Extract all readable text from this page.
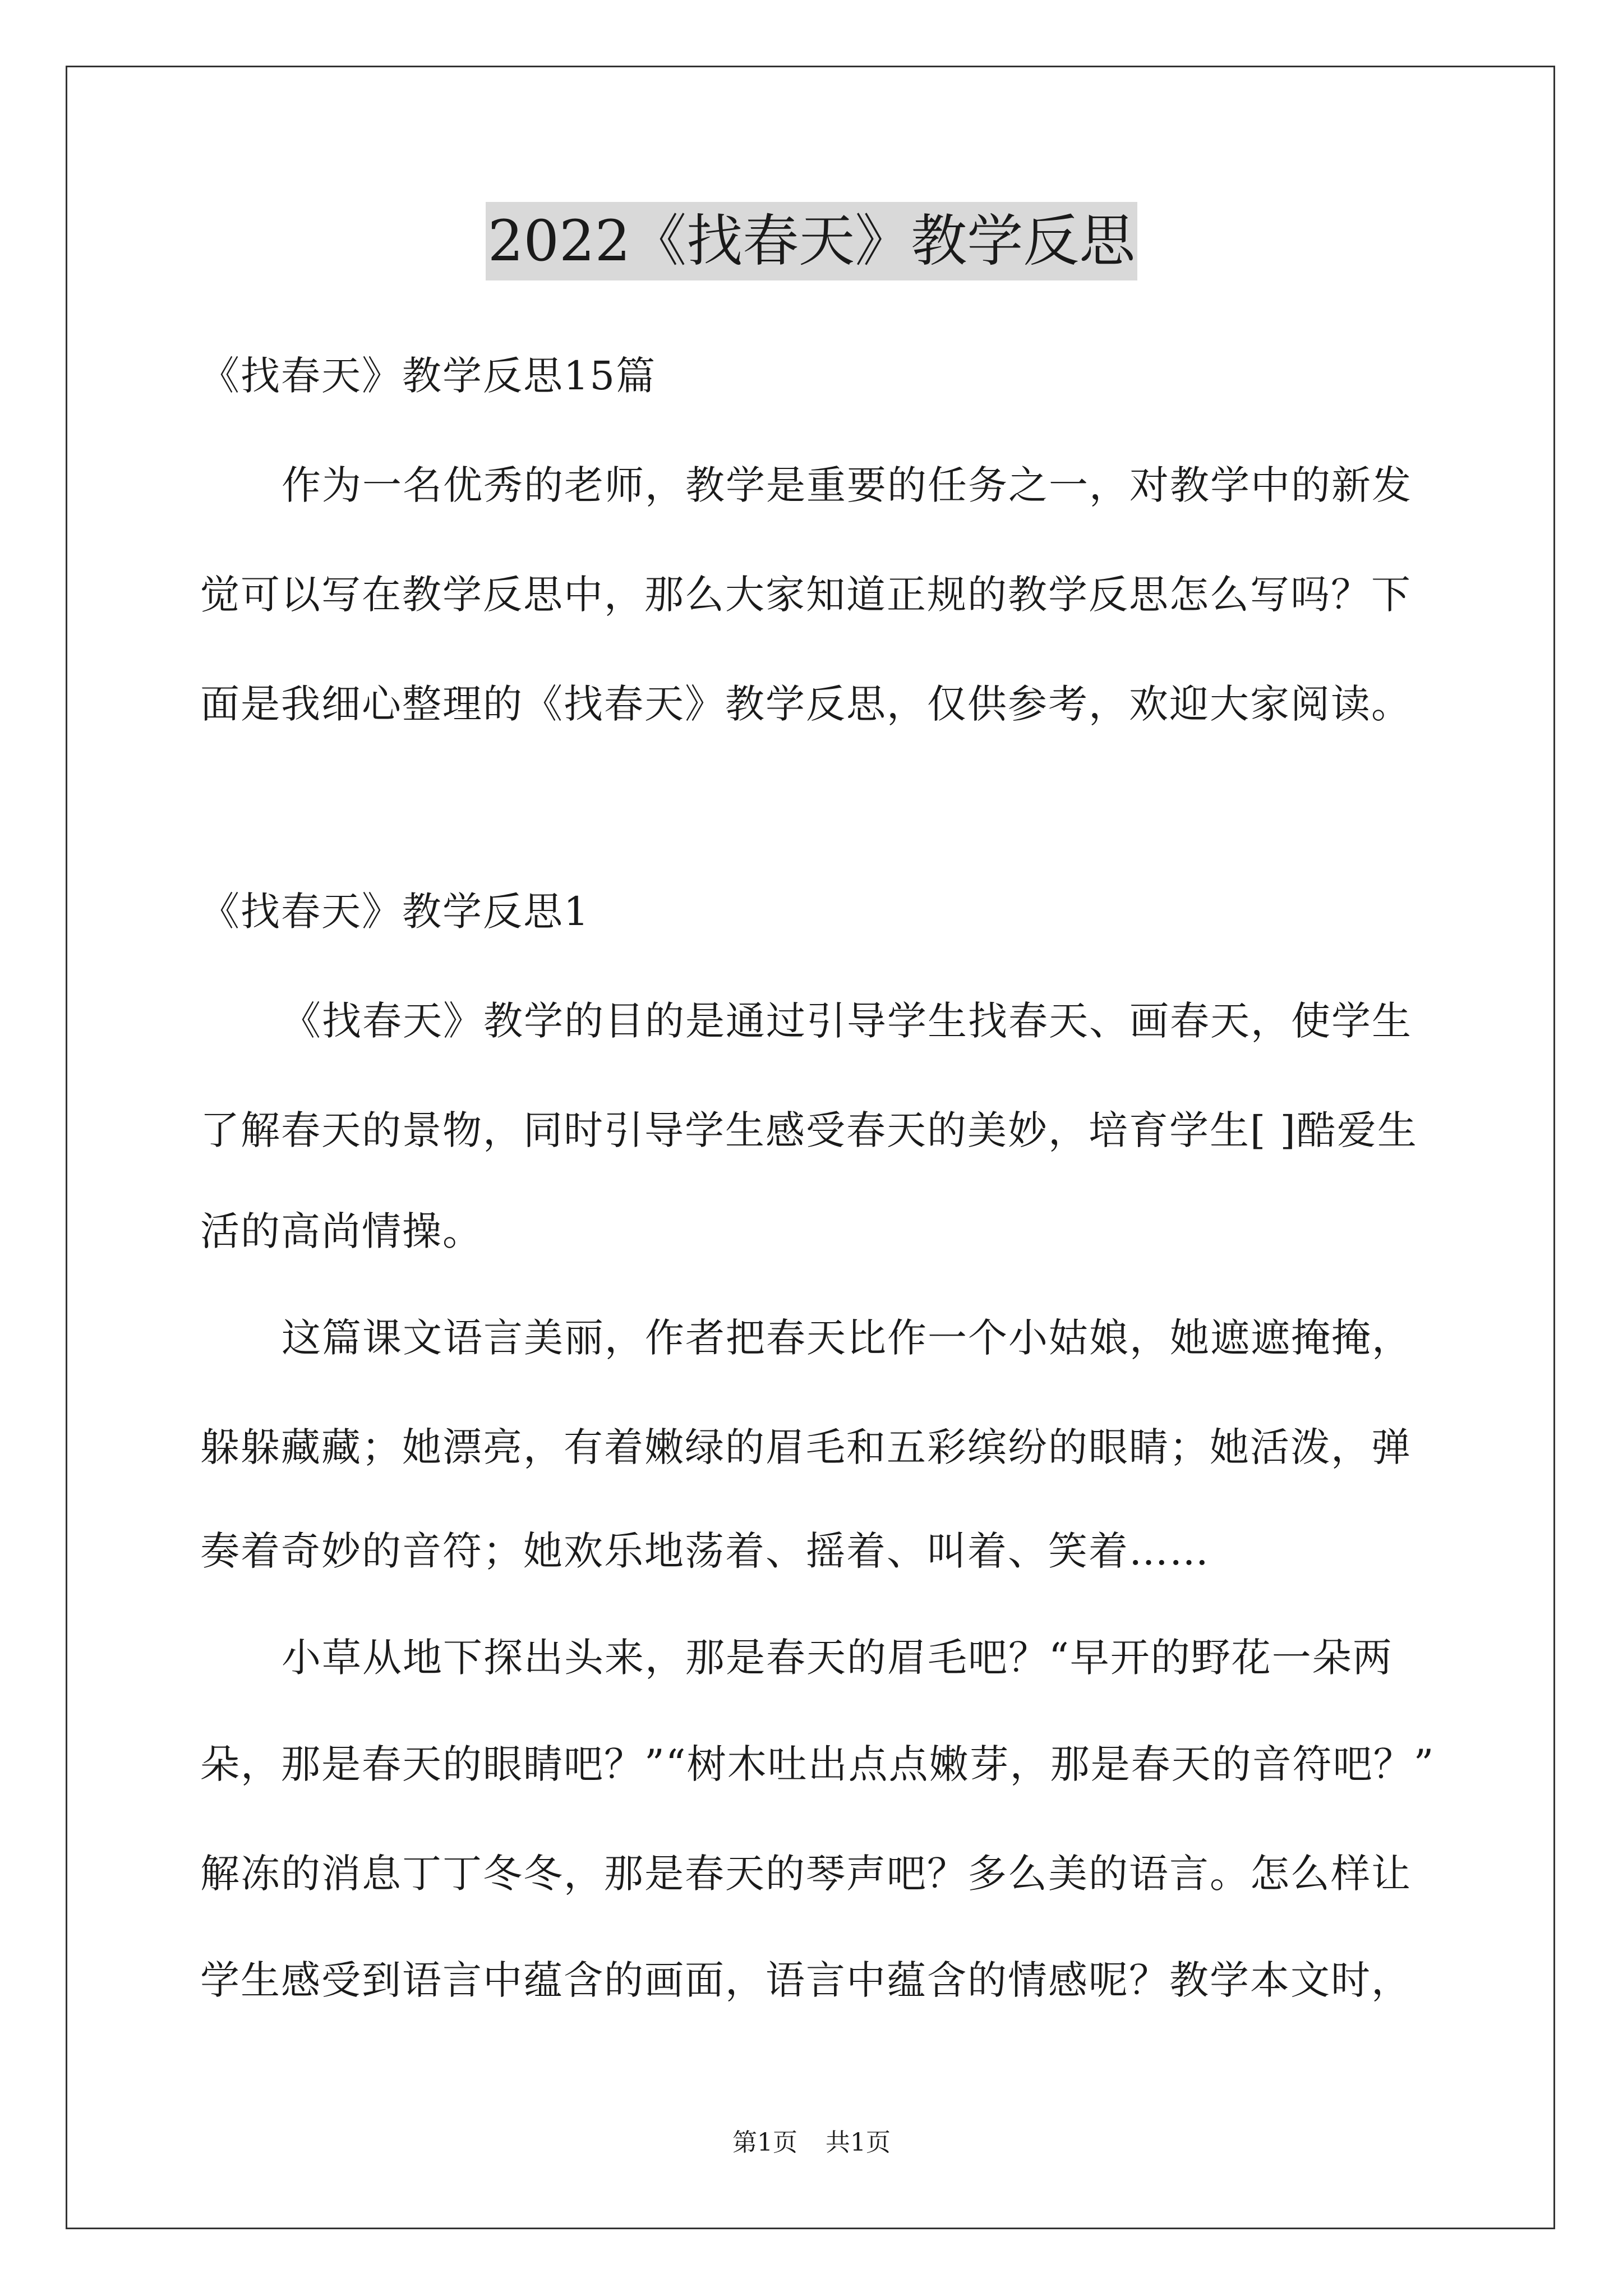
2022《找春天》教学反思
《找春天》教学反思15篇
作为一名优秀的老师，教学是重要的任务之一，对教学中的新发
觉可以写在教学反思中，那么大家知道正规的教学反思怎么写吗？下
面是我细心整理的《找春天》教学反思，仅供参考，欢迎大家阅读。
《找春天》教学反思1
《找春天》教学的目的是通过引导学生找春天、画春天，使学生
了解春天的景物，同时引导学生感受春天的美妙，培育学生[ ]酷爱生
活的高尚情操。
这篇课文语言美丽，作者把春天比作一个小姑娘，她遮遮掩掩，
躲躲藏藏；她漂亮，有着嫩绿的眉毛和五彩缤纷的眼睛；她活泼，弹
奏着奇妙的音符；她欢乐地荡着、摇着、叫着、笑着……
小草从地下探出头来，那是春天的眉毛吧？“早开的野花一朵两
朵，那是春天的眼睛吧？”“树木吐出点点嫩芽，那是春天的音符吧？”
解冻的消息丁丁冬冬，那是春天的琴声吧？多么美的语言。怎么样让
学生感受到语言中蕴含的画面，语言中蕴含的情感呢？教学本文时，
第1页 共1页
